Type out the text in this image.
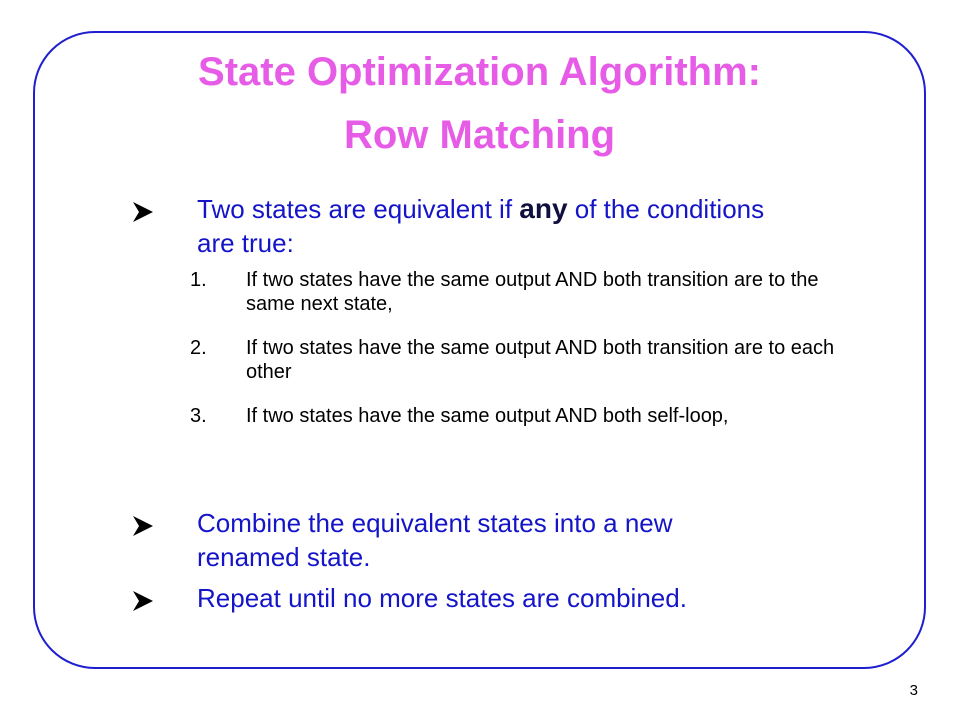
State Optimization Algorithm:
Row Matching
Two states are equivalent if any of the conditions are true:
1.	If two states have the same output AND both transition are to the same next state,
2.	If two states have the same output AND both transition are to each other
3.	If two states have the same output AND both self-loop,
Combine the equivalent states into a new renamed state.
Repeat until no more states are combined.
3
